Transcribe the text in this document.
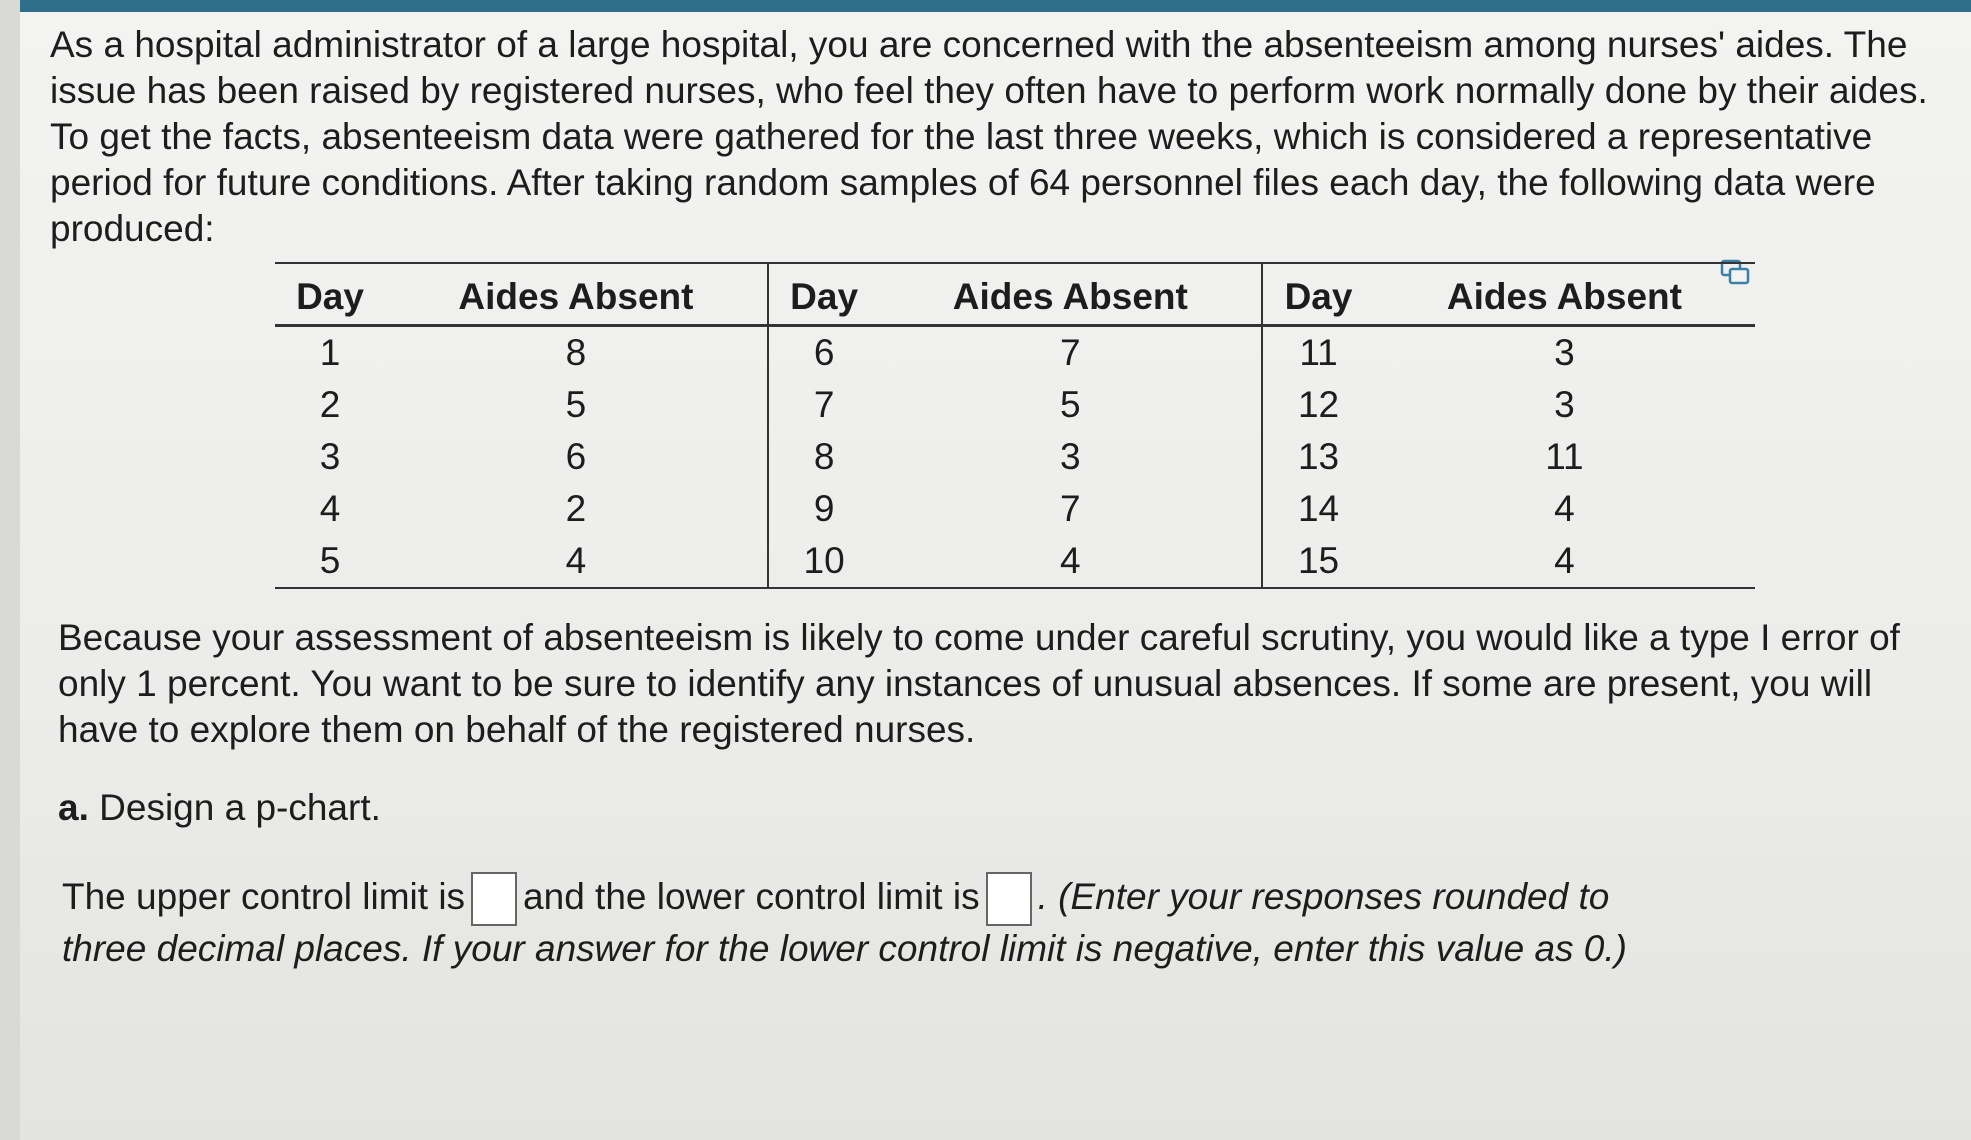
As a hospital administrator of a large hospital, you are concerned with the absenteeism among nurses' aides. The issue has been raised by registered nurses, who feel they often have to perform work normally done by their aides. To get the facts, absenteeism data were gathered for the last three weeks, which is considered a representative period for future conditions. After taking random samples of 64 personnel files each day, the following data were produced:

Day	Aides Absent	Day	Aides Absent	Day	Aides Absent
1	8	6	7	11	3
2	5	7	5	12	3
3	6	8	3	13	11
4	2	9	7	14	4
5	4	10	4	15	4

Because your assessment of absenteeism is likely to come under careful scrutiny, you would like a type I error of only 1 percent. You want to be sure to identify any instances of unusual absences. If some are present, you will have to explore them on behalf of the registered nurses.

a. Design a p-chart.

The upper control limit is and the lower control limit is . (Enter your responses rounded to three decimal places. If your answer for the lower control limit is negative, enter this value as 0.)
